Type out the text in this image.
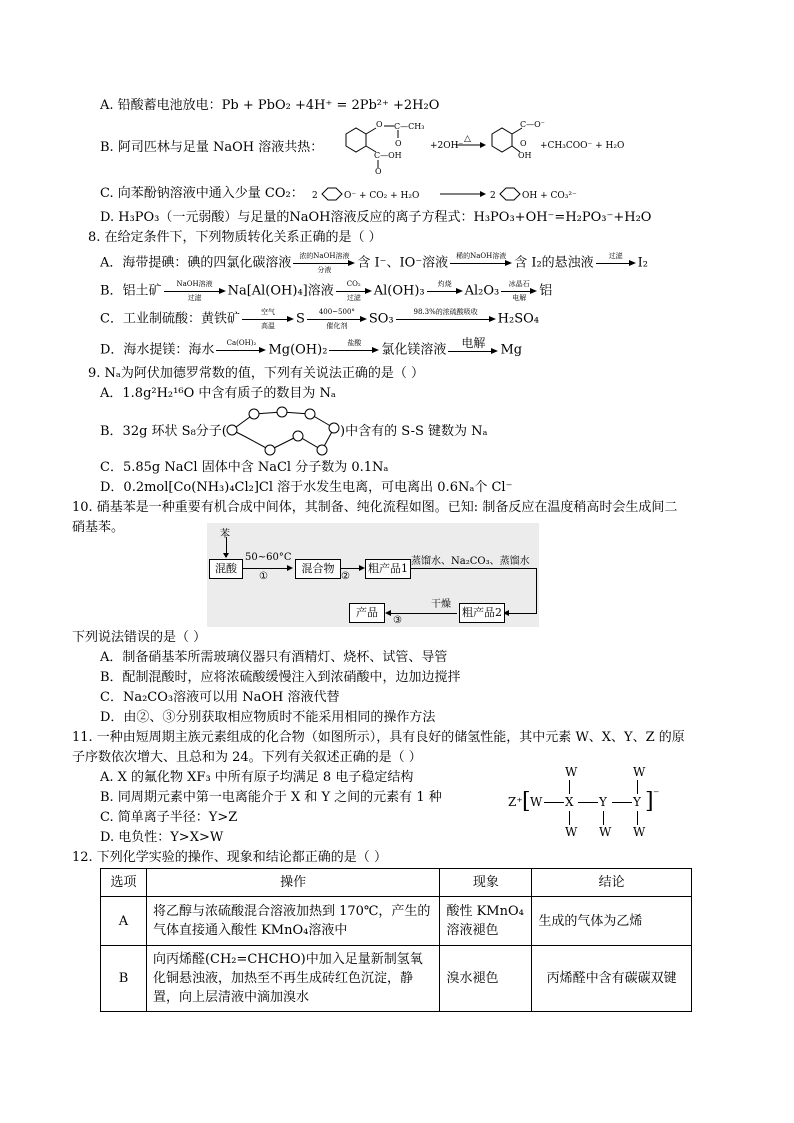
A. 铅酸蓄电池放电：Pb + PbO₂ +4H⁺ = 2Pb²⁺ +2H₂O
B. 阿司匹林与足量 NaOH 溶液共热：
O C—CH₃
O
C—OH
O
+2OH⁻
△
C—O⁻
O
OH
+CH₃COO⁻ + H₂O
C. 向苯酚钠溶液中通入少量 CO₂： 2	O⁻ + CO₂ + H₂O	2	OH + CO₃²⁻
D. H₃PO₃（一元弱酸）与足量的NaOH溶液反应的离子方程式：H₃PO₃+OH⁻=H₂PO₃⁻+H₂O
8. 在给定条件下，下列物质转化关系正确的是（ ）
A．海带提碘：碘的四氯化碳溶液	浓的NaOH溶液
分液	含 I⁻、IO⁻溶液	稀的NaOH溶液 含 I₂的悬浊液	过滤	I₂
B．铝土矿	NaOH溶液
过滤	Na[Al(OH)₄]溶液	CO₂
过滤	Al(OH)₃	灼烧	Al₂O₃	冰晶石
电解	铝
C．工业制硫酸：黄铁矿	空气
高温	S	400~500°
催化剂	SO₃	98.3%的浓硫酸吸收	H₂SO₄
D．海水提镁：海水	Ca(OH)₂ Mg(OH)₂	盐酸	氯化镁溶液	电解	Mg
9. Nₐ为阿伏加德罗常数的值，下列有关说法正确的是（ ）
A．1.8g²H₂¹⁶O 中含有质子的数目为 Nₐ
B．32g 环状 S₈分子(	)中含有的 S-S 键数为 Nₐ
C．5.85g NaCl 固体中含 NaCl 分子数为 0.1Nₐ
D．0.2mol[Co(NH₃)₄Cl₂]Cl 溶于水发生电离，可电离出 0.6Nₐ个 Cl⁻
10. 硝基苯是一种重要有机合成中间体，其制备、纯化流程如图。已知: 制备反应在温度稍高时会生成间二
硝基苯。	苯
混酸
50~60°C
①
混合物
②
粗产品1
蒸馏水、Na₂CO₃、蒸馏水
粗产品2
干燥
③
产品
下列说法错误的是（ ）
A．制备硝基苯所需玻璃仪器只有酒精灯、烧杯、试管、导管
B．配制混酸时，应将浓硫酸缓慢注入到浓硝酸中，边加边搅拌
C．Na₂CO₃溶液可以用 NaOH 溶液代替
D．由②、③分别获取相应物质时不能采用相同的操作方法
11. 一种由短周期主族元素组成的化合物（如图所示），具有良好的储氢性能，其中元素 W、X、Y、Z 的原
子序数依次增大、且总和为 24。下列有关叙述正确的是（ ）
A. X 的氟化物 XF₃ 中所有原子均满足 8 电子稳定结构
B. 同周期元素中第一电离能介于 X 和 Y 之间的元素有 1 种
C. 简单离子半径：Y>Z
D. 电负性：Y>X>W
W	W
Z⁺ [ W X Y Y ] ⁻
W W W
12. 下列化学实验的操作、现象和结论都正确的是（ ）
选项	操作	现象	结论
A	将乙醇与浓硫酸混合溶液加热到 170℃，产生的气体直接通入酸性 KMnO₄溶液中	酸性 KMnO₄溶液褪色	生成的气体为乙烯
B	向丙烯醛(CH₂=CHCHO)中加入足量新制氢氧化铜悬浊液，加热至不再生成砖红色沉淀，静置，向上层清液中滴加溴水	溴水褪色	丙烯醛中含有碳碳双键
